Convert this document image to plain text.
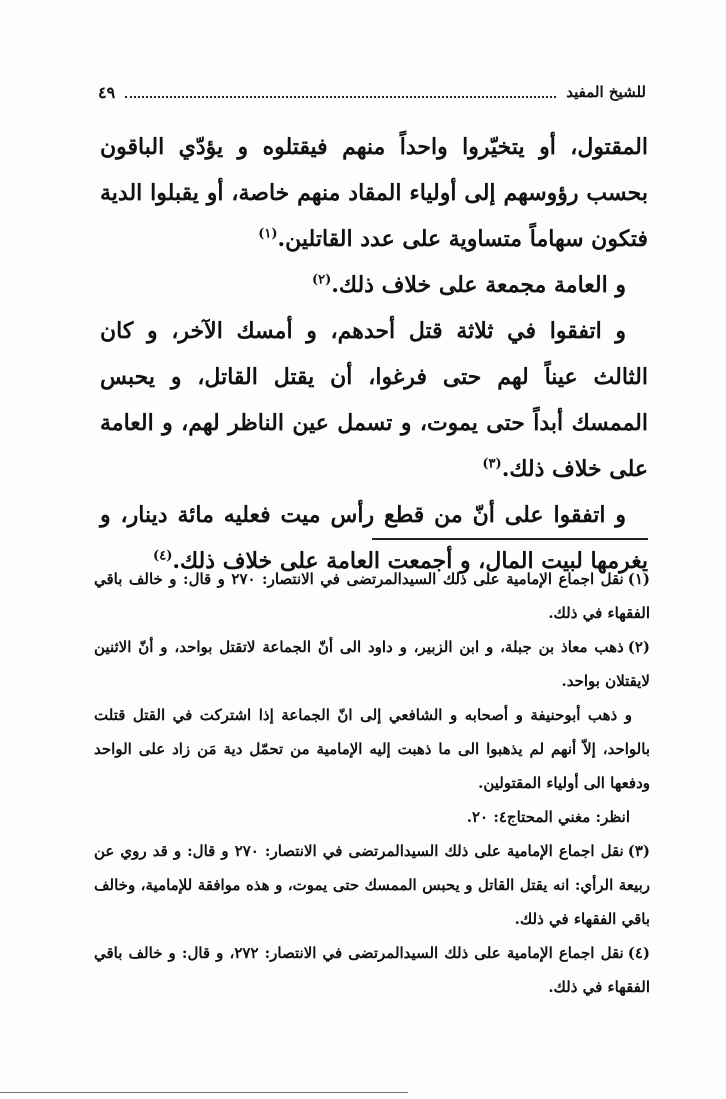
للشيخ المفيد
٤٩

المقتول، أو يتخيّروا واحداً منهم فيقتلوه و يؤدّي الباقون بحسب رؤوسهم إلى أولياء المقاد منهم خاصة، أو يقبلوا الدية فتكون سهاماً متساوية على عدد القاتلين.$^{(١)}$

و العامة مجمعة على خلاف ذلك.$^{(٢)}$

و اتفقوا في ثلاثة قتل أحدهم، و أمسك الآخر، و كان الثالث عيناً لهم حتى فرغوا، أن يقتل القاتل، و يحبس الممسك أبداً حتى يموت، و تسمل عين الناظر لهم، و العامة على خلاف ذلك.$^{(٣)}$

و اتفقوا على أنّ من قطع رأس ميت فعليه مائة دينار، و يغرمها لبيت المال، و أجمعت العامة على خلاف ذلك.$^{(٤)}$

(١)نقل اجماع الإمامية على ذلك السيدالمرتضى في الانتصار: ٢٧٠ و قال: و خالف باقي الفقهاء في ذلك.

(٢)ذهب معاذ بن جبلة، و ابن الزبير، و داود الى أنّ الجماعة لاتقتل بواحد، و أنّ الاثنين لايقتلان بواحد.

و ذهب أبوحنيفة و أصحابه و الشافعي إلى انّ الجماعة إذا اشتركت في القتل قتلت بالواحد، إلاّ أنهم لم يذهبوا الى ما ذهبت إليه الإمامية من تحمّل دية مَن زاد على الواحد ودفعها الى أولياء المقتولين.

انظر: مغني المحتاج٤: ٢٠.

(٣)نقل اجماع الإمامية على ذلك السيدالمرتضى في الانتصار: ٢٧٠ و قال: و قد روي عن ربيعة الرأي: انه يقتل القاتل و يحبس الممسك حتى يموت، و هذه موافقة للإمامية، وخالف باقي الفقهاء في ذلك.

(٤)نقل اجماع الإمامية على ذلك السيدالمرتضى في الانتصار: ٢٧٢، و قال: و خالف باقي الفقهاء في ذلك.
